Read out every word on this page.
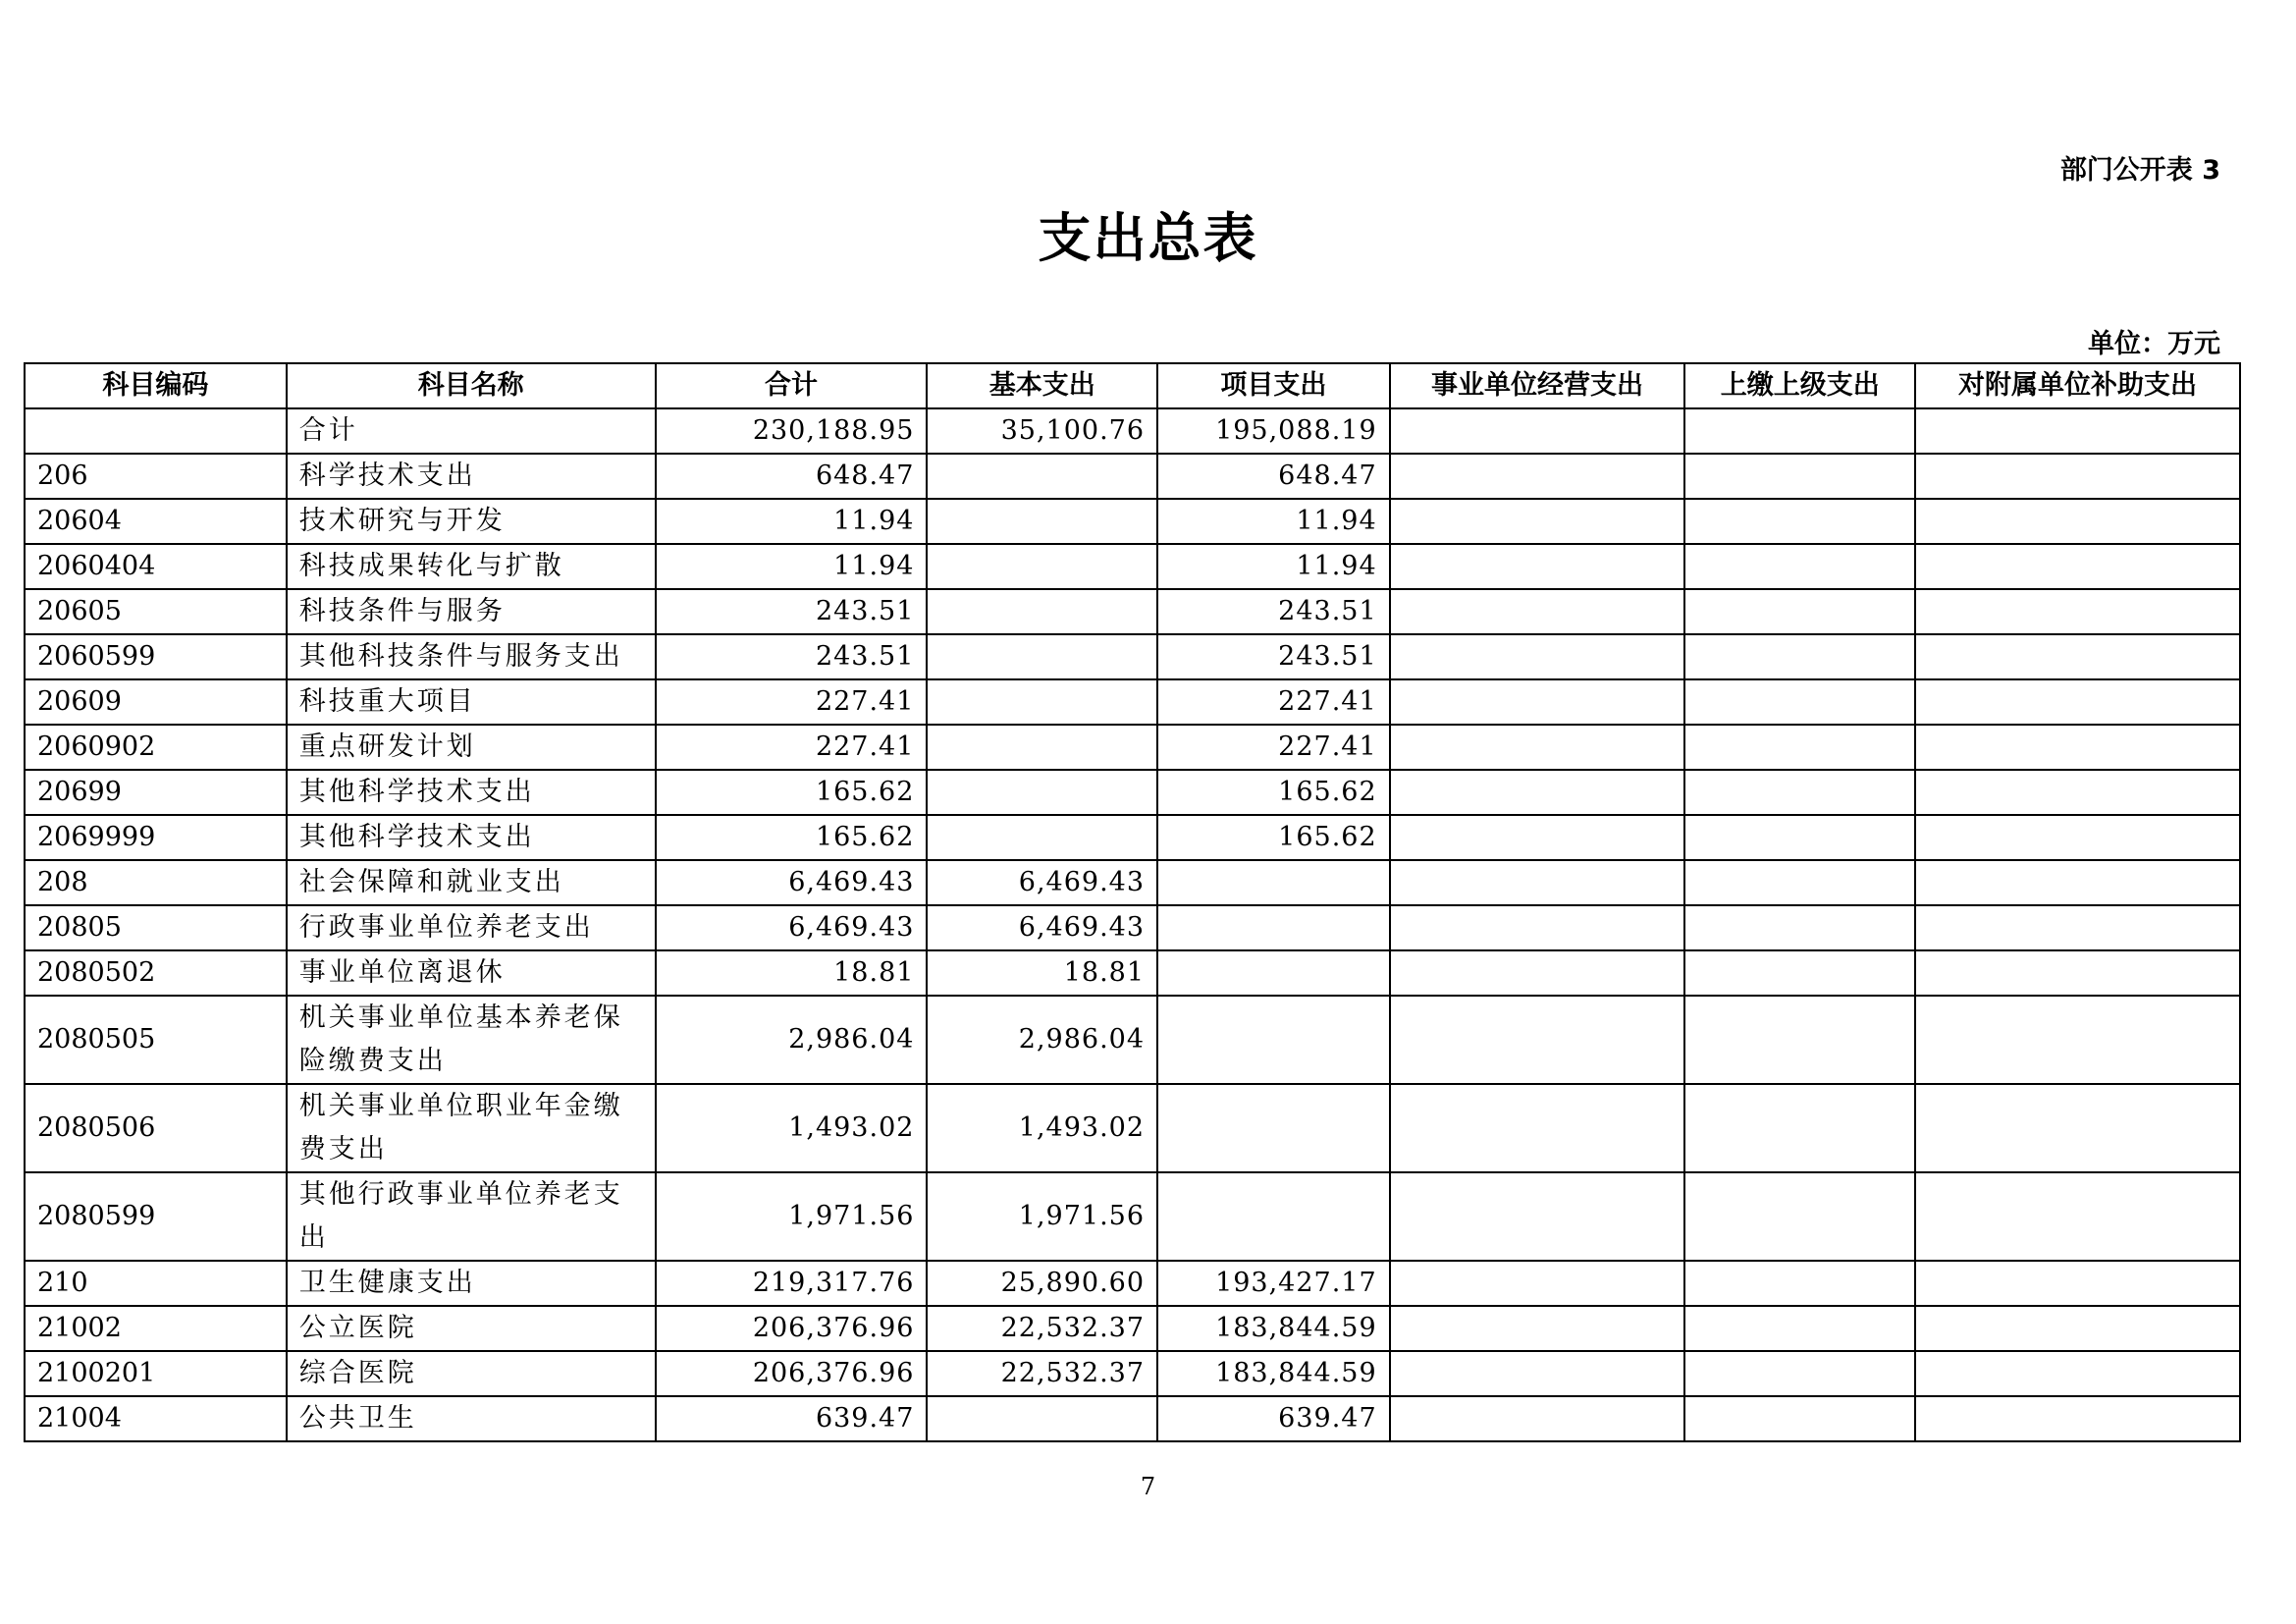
部门公开表 3
支出总表
单位：万元
科目编码	科目名称	合计	基本支出	项目支出	事业单位经营支出	上缴上级支出	对附属单位补助支出
	合计	230,188.95	35,100.76	195,088.19			
206	科学技术支出	648.47		648.47			
20604	技术研究与开发	11.94		11.94			
2060404	科技成果转化与扩散	11.94		11.94			
20605	科技条件与服务	243.51		243.51			
2060599	其他科技条件与服务支出	243.51		243.51			
20609	科技重大项目	227.41		227.41			
2060902	重点研发计划	227.41		227.41			
20699	其他科学技术支出	165.62		165.62			
2069999	其他科学技术支出	165.62		165.62			
208	社会保障和就业支出	6,469.43	6,469.43				
20805	行政事业单位养老支出	6,469.43	6,469.43				
2080502	事业单位离退休	18.81	18.81				
2080505	机关事业单位基本养老保险缴费支出	2,986.04	2,986.04				
2080506	机关事业单位职业年金缴费支出	1,493.02	1,493.02				
2080599	其他行政事业单位养老支出	1,971.56	1,971.56				
210	卫生健康支出	219,317.76	25,890.60	193,427.17			
21002	公立医院	206,376.96	22,532.37	183,844.59			
2100201	综合医院	206,376.96	22,532.37	183,844.59			
21004	公共卫生	639.47		639.47			
7
